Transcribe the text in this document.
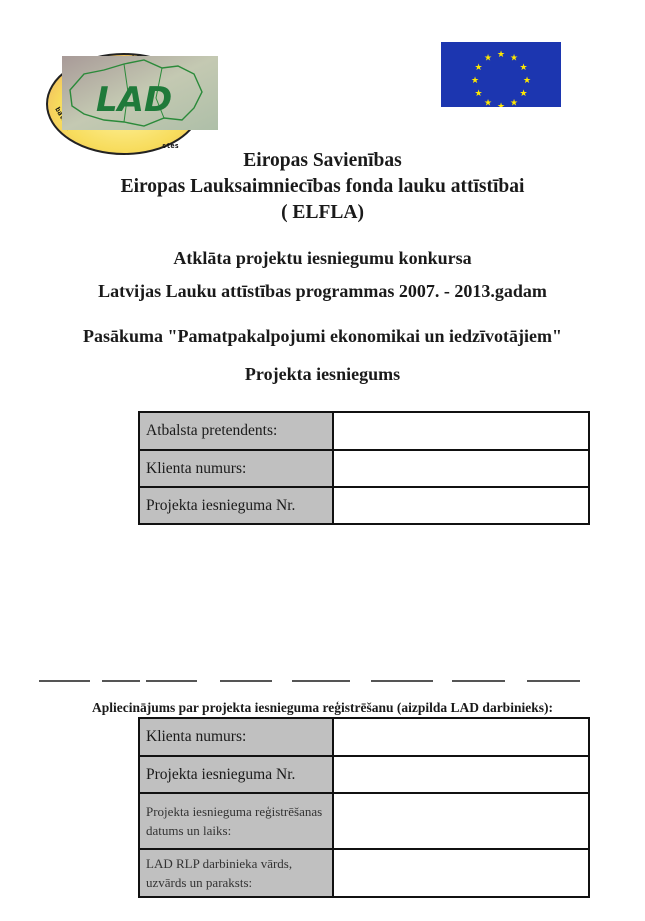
stes
LAD
★ ★
★
★
★
★
★
★
★
★
★
★
Eiropas Savienības
Eiropas Lauksaimniecības fonda lauku attīstībai
( ELFLA)
Atklāta projektu iesniegumu konkursa
Latvijas Lauku attīstības programmas 2007. - 2013.gadam
Pasākuma "Pamatpakalpojumi ekonomikai un iedzīvotājiem"
Projekta iesniegums
Atbalsta pretendents:	
Klienta numurs:	
Projekta iesnieguma Nr.	
Apliecinājums par projekta iesnieguma reģistrēšanu (aizpilda LAD darbinieks):
Klienta numurs:	
Projekta iesnieguma Nr.	
Projekta iesnieguma reģistrēšanas datums un laiks:	
LAD RLP darbinieka vārds, uzvārds un paraksts:	
